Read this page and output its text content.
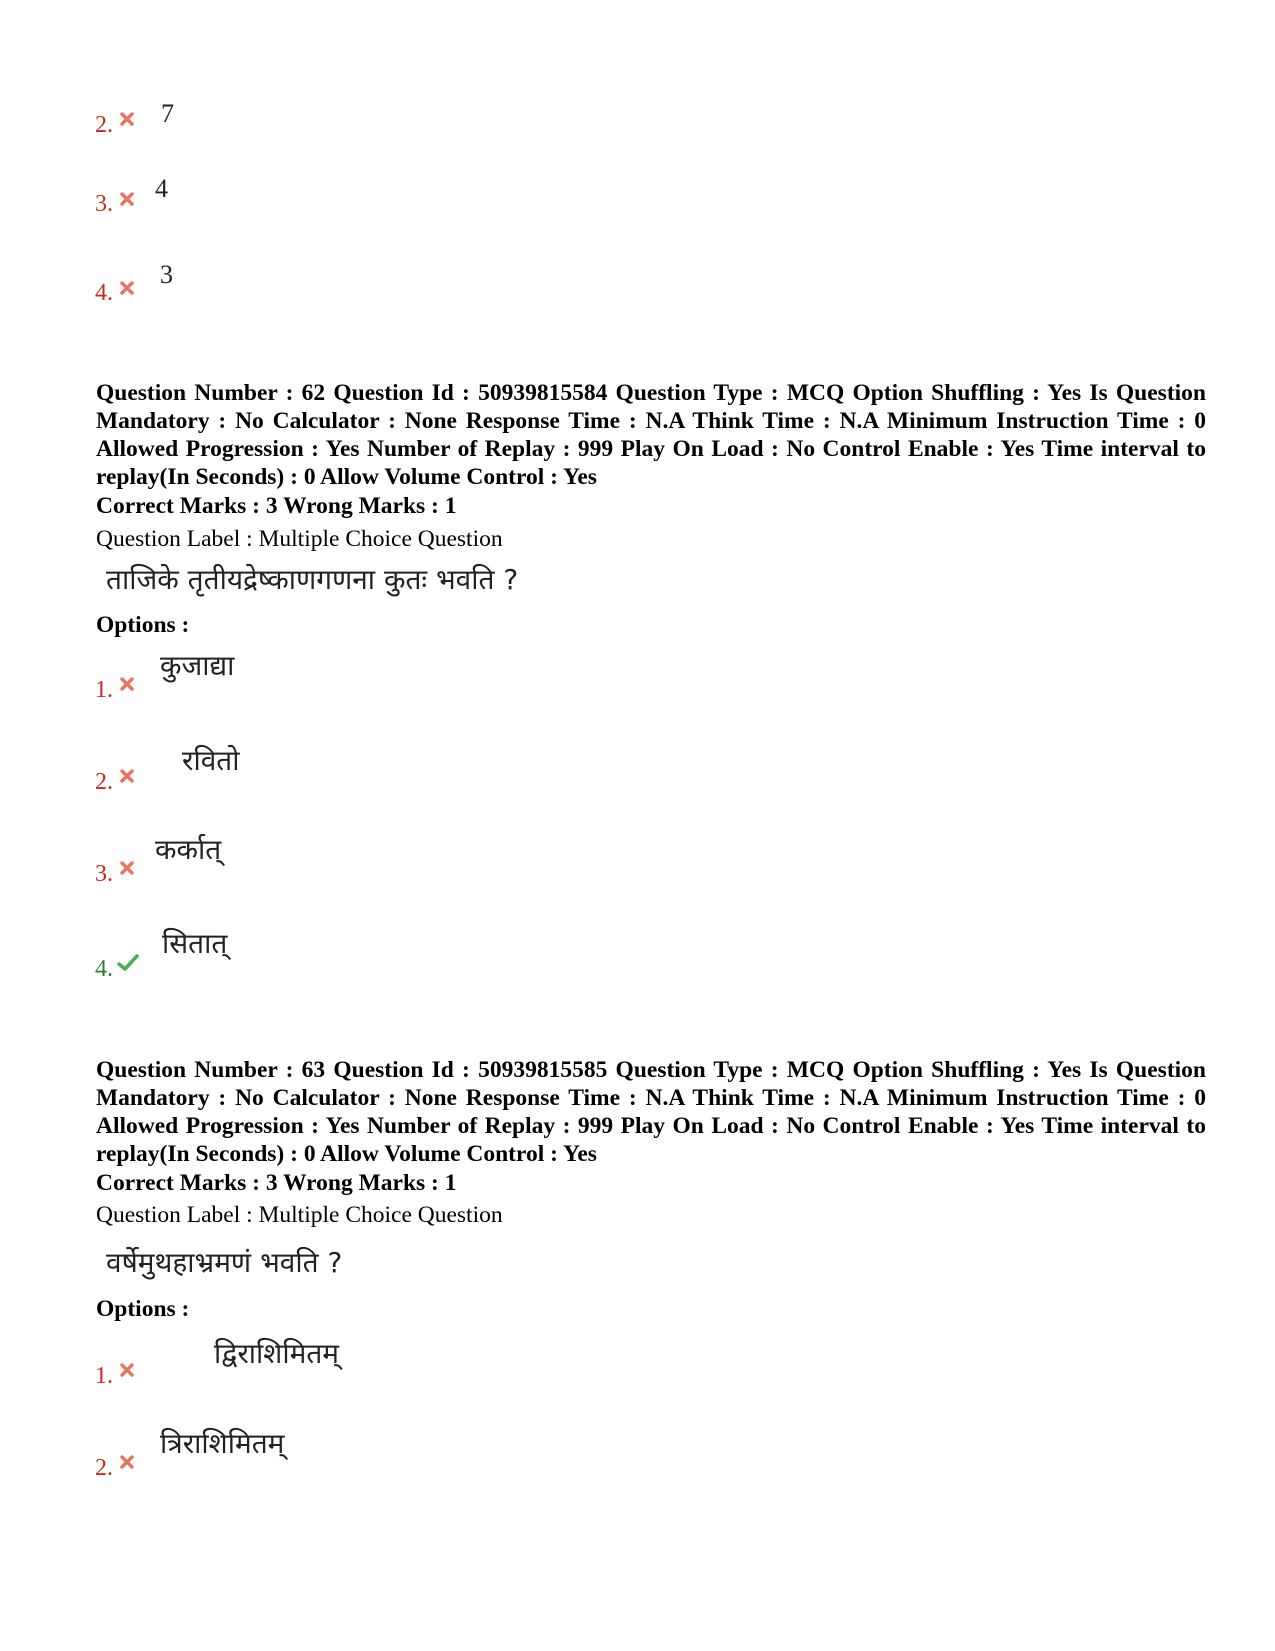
2. 7
3.
4
4.
3
Question Number : 62 Question Id : 50939815584 Question Type : MCQ Option Shuffling : Yes Is Question Mandatory : No Calculator : None Response Time : N.A Think Time : N.A Minimum Instruction Time : 0 Allowed Progression : Yes Number of Replay : 999 Play On Load : No Control Enable : Yes Time interval to replay(In Seconds) : 0 Allow Volume Control : Yes
Correct Marks : 3 Wrong Marks : 1
Question Label : Multiple Choice Question
ताजिके तृतीयद्रेष्काणगणना कुतः भवति ?
Options :
1.
कुजाद्या
2.
रवितो
3.
कर्कात्
4.
सितात्
Question Number : 63 Question Id : 50939815585 Question Type : MCQ Option Shuffling : Yes Is Question Mandatory : No Calculator : None Response Time : N.A Think Time : N.A Minimum Instruction Time : 0 Allowed Progression : Yes Number of Replay : 999 Play On Load : No Control Enable : Yes Time interval to replay(In Seconds) : 0 Allow Volume Control : Yes
Correct Marks : 3 Wrong Marks : 1
Question Label : Multiple Choice Question
वर्षेमुथहाभ्रमणं भवति ?
Options :
1.
द्विराशिमितम्
2.
त्रिराशिमितम्
